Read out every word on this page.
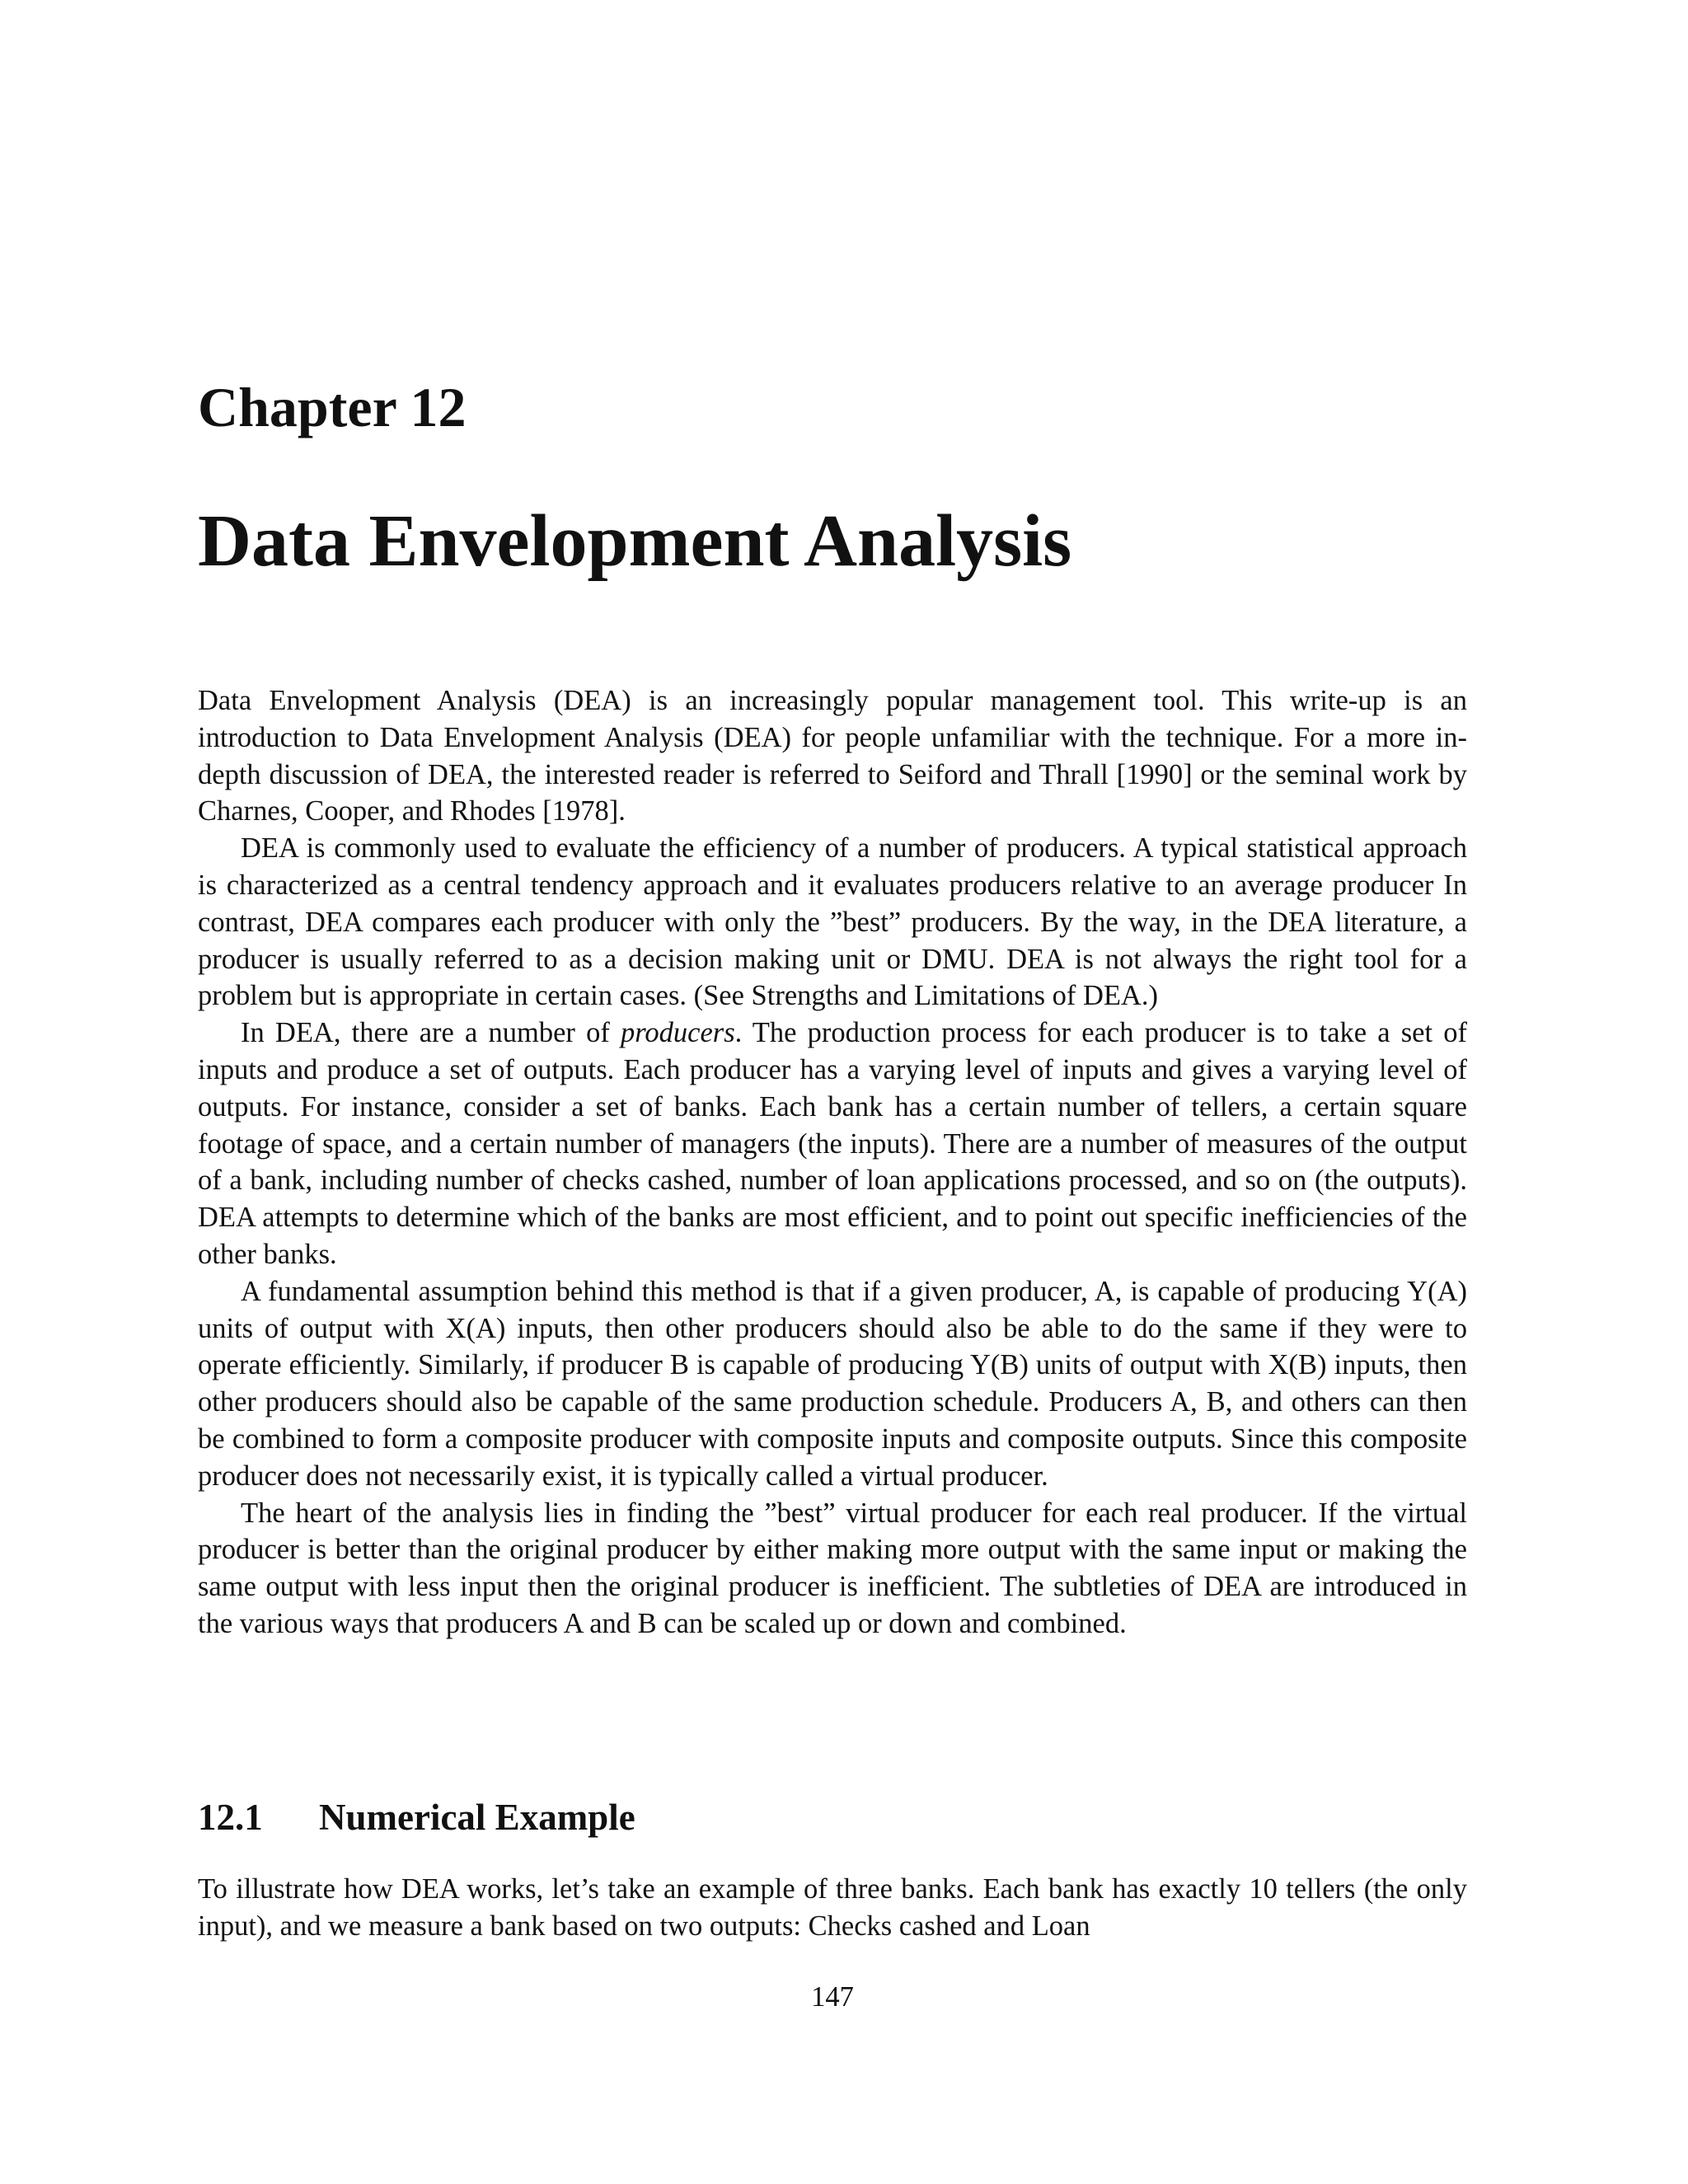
Chapter 12
Data Envelopment Analysis

Data Envelopment Analysis (DEA) is an increasingly popular management tool. This write-up is an introduction to Data Envelopment Analysis (DEA) for people unfamiliar with the technique. For a more in-depth discussion of DEA, the interested reader is referred to Seiford and Thrall [1990] or the seminal work by Charnes, Cooper, and Rhodes [1978].

DEA is commonly used to evaluate the efficiency of a number of producers. A typical statistical approach is characterized as a central tendency approach and it evaluates producers relative to an average producer In contrast, DEA compares each producer with only the ”best” producers. By the way, in the DEA literature, a producer is usually referred to as a decision making unit or DMU. DEA is not always the right tool for a problem but is appropriate in certain cases. (See Strengths and Limitations of DEA.)

In DEA, there are a number of producers. The production process for each producer is to take a set of inputs and produce a set of outputs. Each producer has a varying level of inputs and gives a varying level of outputs. For instance, consider a set of banks. Each bank has a certain number of tellers, a certain square footage of space, and a certain number of managers (the inputs). There are a number of measures of the output of a bank, including number of checks cashed, number of loan applications processed, and so on (the outputs). DEA attempts to determine which of the banks are most efficient, and to point out specific inefficiencies of the other banks.

A fundamental assumption behind this method is that if a given producer, A, is capable of producing Y(A) units of output with X(A) inputs, then other producers should also be able to do the same if they were to operate efficiently. Similarly, if producer B is capable of producing Y(B) units of output with X(B) inputs, then other producers should also be capable of the same production schedule. Producers A, B, and others can then be combined to form a composite producer with composite inputs and composite outputs. Since this composite producer does not necessarily exist, it is typically called a virtual producer.

The heart of the analysis lies in finding the ”best” virtual producer for each real producer. If the virtual producer is better than the original producer by either making more output with the same input or making the same output with less input then the original producer is inefficient. The subtleties of DEA are introduced in the various ways that producers A and B can be scaled up or down and combined.

12.1 Numerical Example

To illustrate how DEA works, let’s take an example of three banks. Each bank has exactly 10 tellers (the only input), and we measure a bank based on two outputs: Checks cashed and Loan

147
